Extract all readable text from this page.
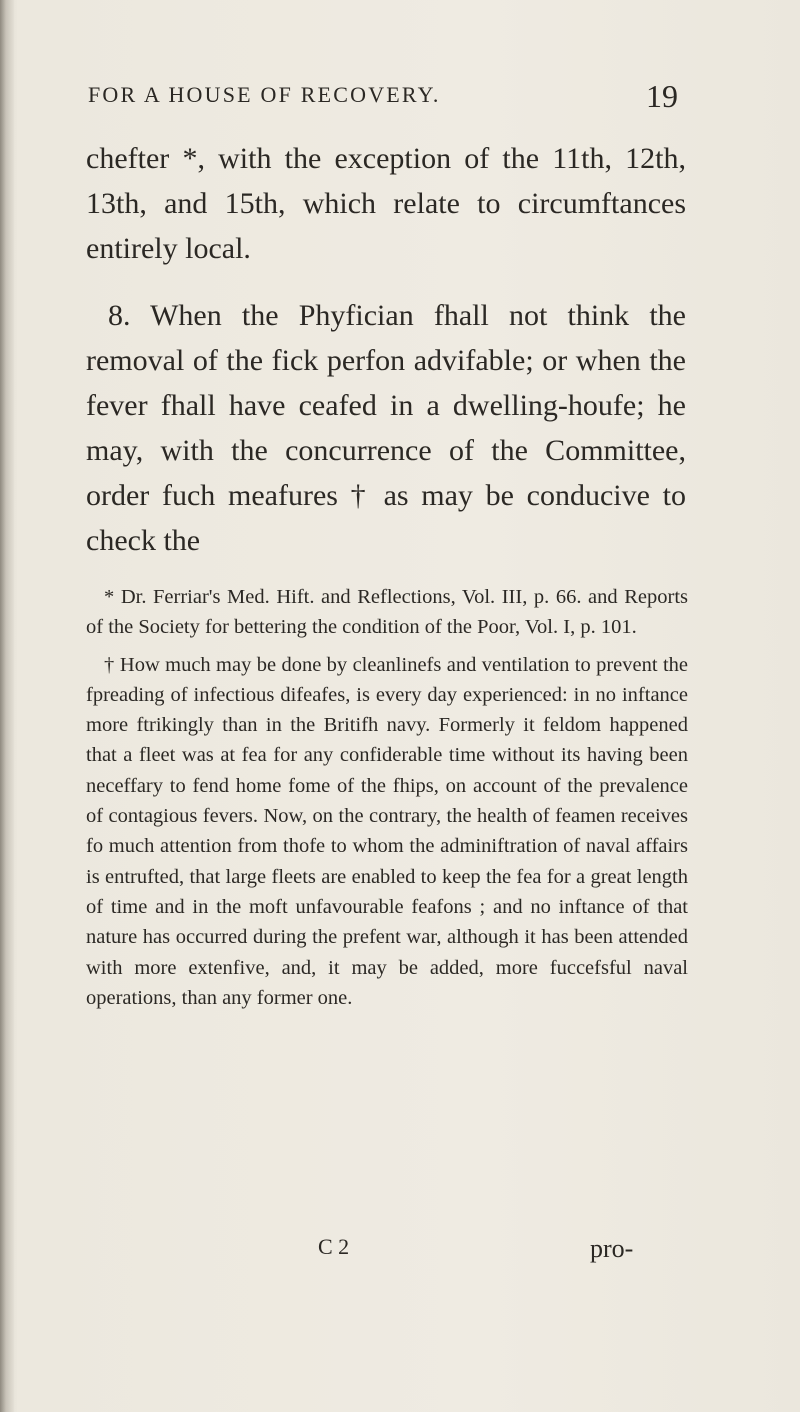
FOR A HOUSE OF RECOVERY.	19

chefter *, with the exception of the 11th, 12th, 13th, and 15th, which relate to circumftances entirely local.

8. When the Phyfician fhall not think the removal of the fick perfon advifable; or when the fever fhall have ceafed in a dwelling-houfe; he may, with the concurrence of the Committee, order fuch meafures † as may be conducive to check the

* Dr. Ferriar's Med. Hift. and Reflections, Vol. III, p. 66. and Reports of the Society for bettering the condition of the Poor, Vol. I, p. 101.

† How much may be done by cleanlinefs and ventilation to prevent the fpreading of infectious difeafes, is every day experienced: in no inftance more ftrikingly than in the Britifh navy. Formerly it feldom happened that a fleet was at fea for any confiderable time without its having been neceffary to fend home fome of the fhips, on account of the prevalence of contagious fevers. Now, on the contrary, the health of feamen receives fo much attention from thofe to whom the adminiftration of naval affairs is entrufted, that large fleets are enabled to keep the fea for a great length of time and in the moft unfavourable feafons ; and no inftance of that nature has occurred during the prefent war, although it has been attended with more extenfive, and, it may be added, more fuccefsful naval operations, than any former one.

C 2	pro-
